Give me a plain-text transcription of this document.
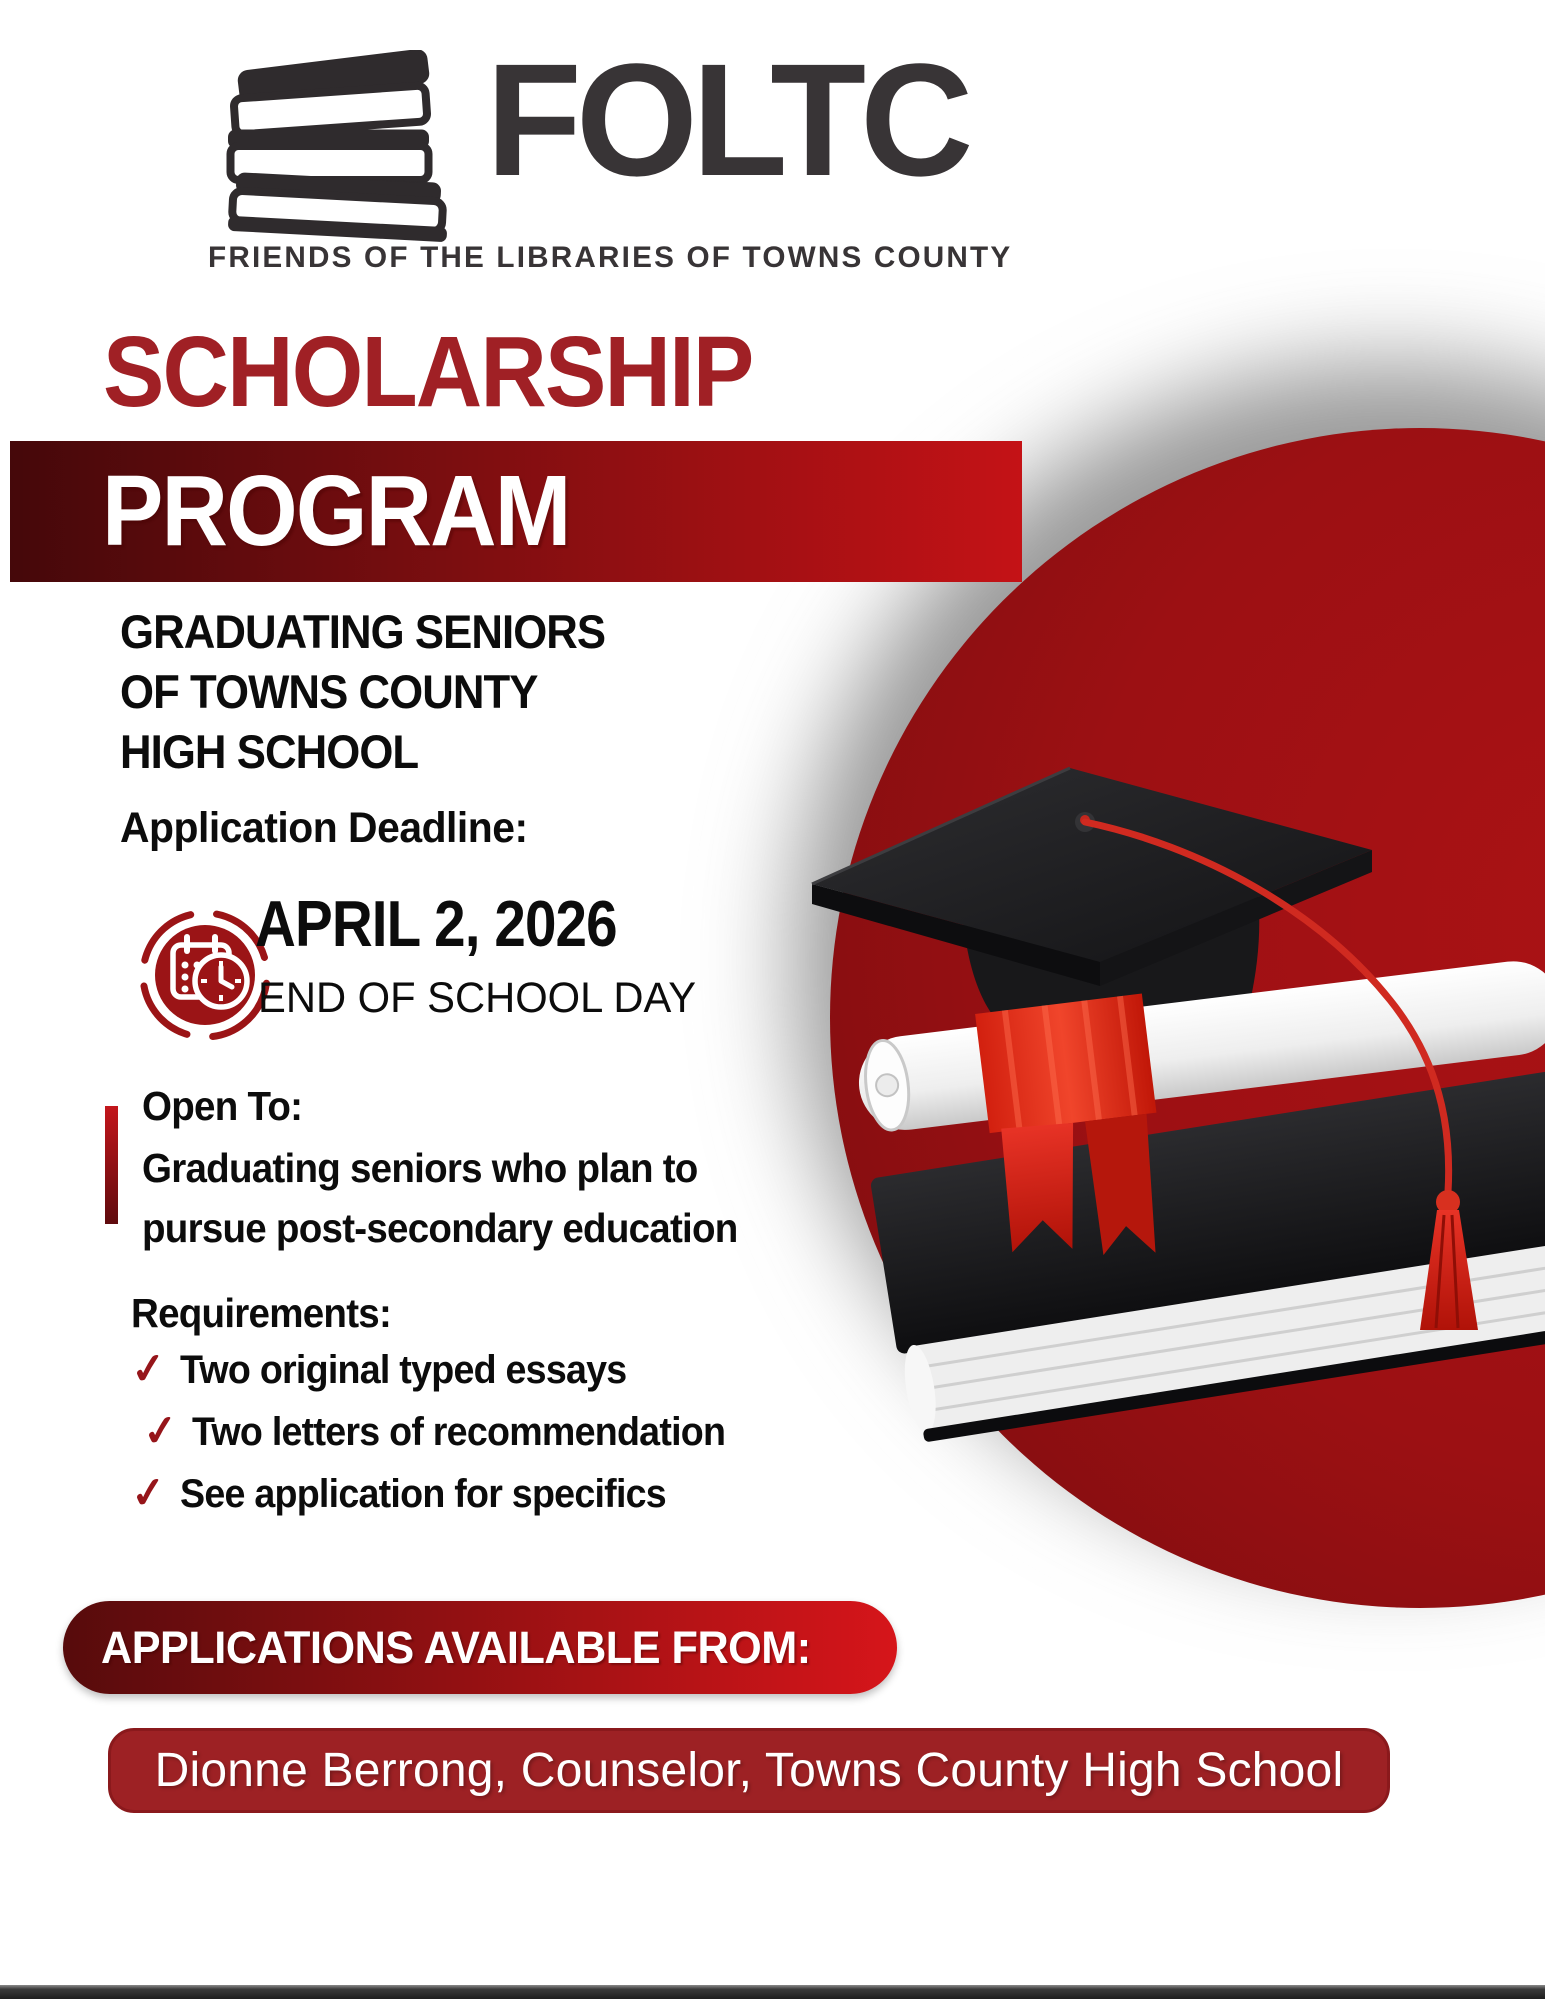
FOLTC
FRIENDS OF THE LIBRARIES OF TOWNS COUNTY
SCHOLARSHIP
PROGRAM
GRADUATING SENIORS
OF TOWNS COUNTY
HIGH SCHOOL
Application Deadline:
APRIL 2, 2026
END OF SCHOOL DAY
Open To:
Graduating seniors who plan to
pursue post-secondary education
Requirements:
✓ Two original typed essays
✓ Two letters of recommendation
✓ See application for specifics
APPLICATIONS AVAILABLE FROM:
Dionne Berrong, Counselor, Towns County High School
